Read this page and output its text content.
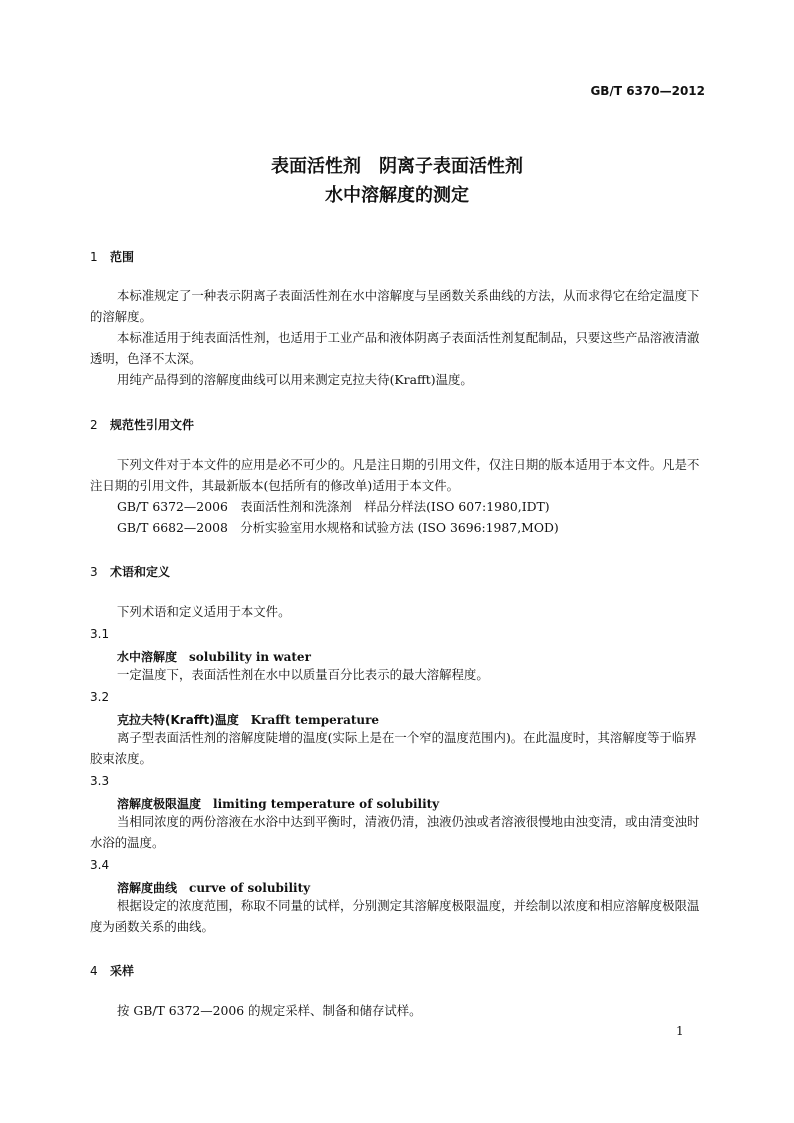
GB/T 6370—2012
表面活性剂　阴离子表面活性剂
水中溶解度的测定
1 范围
本标准规定了一种表示阴离子表面活性剂在水中溶解度与呈函数关系曲线的方法，从而求得它在给定温度下的溶解度。
本标准适用于纯表面活性剂，也适用于工业产品和液体阴离子表面活性剂复配制品，只要这些产品溶液清澈透明，色泽不太深。
用纯产品得到的溶解度曲线可以用来测定克拉夫待(Krafft)温度。
2 规范性引用文件
下列文件对于本文件的应用是必不可少的。凡是注日期的引用文件，仅注日期的版本适用于本文件。凡是不注日期的引用文件，其最新版本(包括所有的修改单)适用于本文件。
GB/T 6372—2006　表面活性剂和洗涤剂　样品分样法(ISO 607:1980,IDT)
GB/T 6682—2008　分析实验室用水规格和试验方法 (ISO 3696:1987,MOD)
3 术语和定义
下列术语和定义适用于本文件。
3.1
水中溶解度 solubility in water
一定温度下，表面活性剂在水中以质量百分比表示的最大溶解程度。
3.2
克拉夫特(Krafft)温度 Krafft temperature
离子型表面活性剂的溶解度陡增的温度(实际上是在一个窄的温度范围内)。在此温度时，其溶解度等于临界胶束浓度。
3.3
溶解度极限温度 limiting temperature of solubility
当相同浓度的两份溶液在水浴中达到平衡时，清液仍清，浊液仍浊或者溶液很慢地由浊变清，或由清变浊时水浴的温度。
3.4
溶解度曲线 curve of solubility
根据设定的浓度范围，称取不同量的试样，分别测定其溶解度极限温度，并绘制以浓度和相应溶解度极限温度为函数关系的曲线。
4 采样
按 GB/T 6372—2006 的规定采样、制备和储存试样。
1
